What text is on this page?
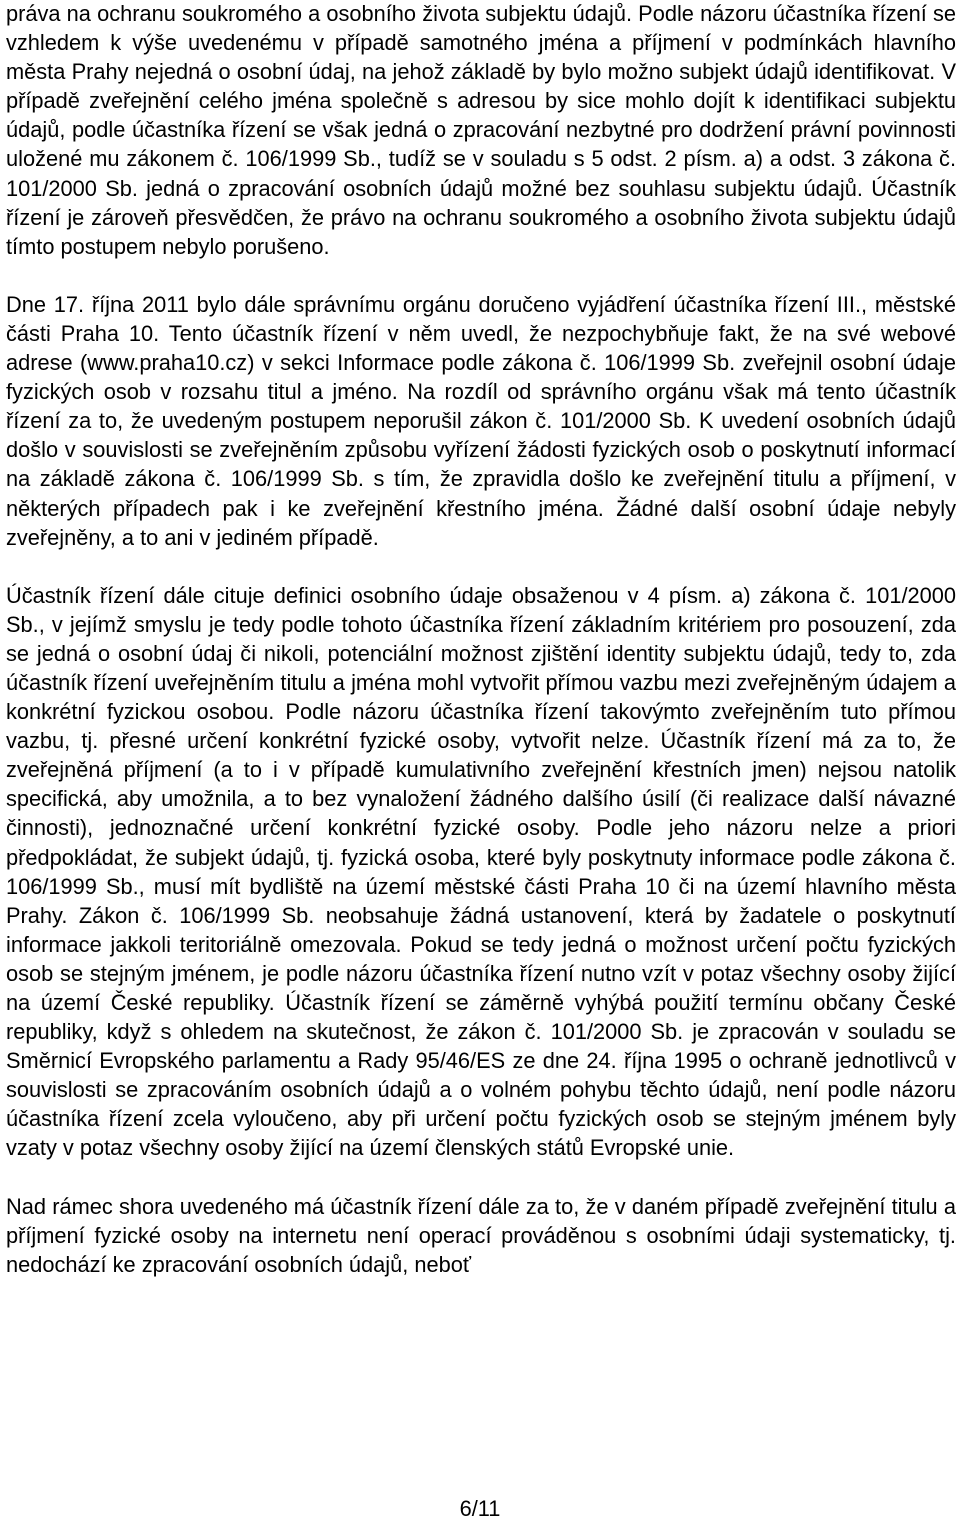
práva na ochranu soukromého a osobního života subjektu údajů. Podle názoru účastníka řízení se vzhledem k výše uvedenému v případě samotného jména a příjmení v podmínkách hlavního města Prahy nejedná o osobní údaj, na jehož základě by bylo možno subjekt údajů identifikovat. V případě zveřejnění celého jména společně s adresou by sice mohlo dojít k identifikaci subjektu údajů, podle účastníka řízení se však jedná o zpracování nezbytné pro dodržení právní povinnosti uložené mu zákonem č. 106/1999 Sb., tudíž se v souladu s 5 odst. 2 písm. a) a odst. 3 zákona č. 101/2000 Sb. jedná o zpracování osobních údajů možné bez souhlasu subjektu údajů. Účastník řízení je zároveň přesvědčen, že právo na ochranu soukromého a osobního života subjektu údajů tímto postupem nebylo porušeno.

Dne 17. října 2011 bylo dále správnímu orgánu doručeno vyjádření účastníka řízení III., městské části Praha 10. Tento účastník řízení v něm uvedl, že nezpochybňuje fakt, že na své webové adrese (www.praha10.cz) v sekci Informace podle zákona č. 106/1999 Sb. zveřejnil osobní údaje fyzických osob v rozsahu titul a jméno. Na rozdíl od správního orgánu však má tento účastník řízení za to, že uvedeným postupem neporušil zákon č. 101/2000 Sb. K uvedení osobních údajů došlo v souvislosti se zveřejněním způsobu vyřízení žádosti fyzických osob o poskytnutí informací na základě zákona č. 106/1999 Sb. s tím, že zpravidla došlo ke zveřejnění titulu a příjmení, v některých případech pak i ke zveřejnění křestního jména. Žádné další osobní údaje nebyly zveřejněny, a to ani v jediném případě.

Účastník řízení dále cituje definici osobního údaje obsaženou v 4 písm. a) zákona č. 101/2000 Sb., v jejímž smyslu je tedy podle tohoto účastníka řízení základním kritériem pro posouzení, zda se jedná o osobní údaj či nikoli, potenciální možnost zjištění identity subjektu údajů, tedy to, zda účastník řízení uveřejněním titulu a jména mohl vytvořit přímou vazbu mezi zveřejněným údajem a konkrétní fyzickou osobou. Podle názoru účastníka řízení takovýmto zveřejněním tuto přímou vazbu, tj. přesné určení konkrétní fyzické osoby, vytvořit nelze. Účastník řízení má za to, že zveřejněná příjmení (a to i v případě kumulativního zveřejnění křestních jmen) nejsou natolik specifická, aby umožnila, a to bez vynaložení žádného dalšího úsilí (či realizace další návazné činnosti), jednoznačné určení konkrétní fyzické osoby. Podle jeho názoru nelze a priori předpokládat, že subjekt údajů, tj. fyzická osoba, které byly poskytnuty informace podle zákona č. 106/1999 Sb., musí mít bydliště na území městské části Praha 10 či na území hlavního města Prahy. Zákon č. 106/1999 Sb. neobsahuje žádná ustanovení, která by žadatele o poskytnutí informace jakkoli teritoriálně omezovala. Pokud se tedy jedná o možnost určení počtu fyzických osob se stejným jménem, je podle názoru účastníka řízení nutno vzít v potaz všechny osoby žijící na území České republiky. Účastník řízení se záměrně vyhýbá použití termínu občany České republiky, když s ohledem na skutečnost, že zákon č. 101/2000 Sb. je zpracován v souladu se Směrnicí Evropského parlamentu a Rady 95/46/ES ze dne 24. října 1995 o ochraně jednotlivců v souvislosti se zpracováním osobních údajů a o volném pohybu těchto údajů, není podle názoru účastníka řízení zcela vyloučeno, aby při určení počtu fyzických osob se stejným jménem byly vzaty v potaz všechny osoby žijící na území členských států Evropské unie.

Nad rámec shora uvedeného má účastník řízení dále za to, že v daném případě zveřejnění titulu a příjmení fyzické osoby na internetu není operací prováděnou s osobními údaji systematicky, tj. nedochází ke zpracování osobních údajů, neboť

6/11
